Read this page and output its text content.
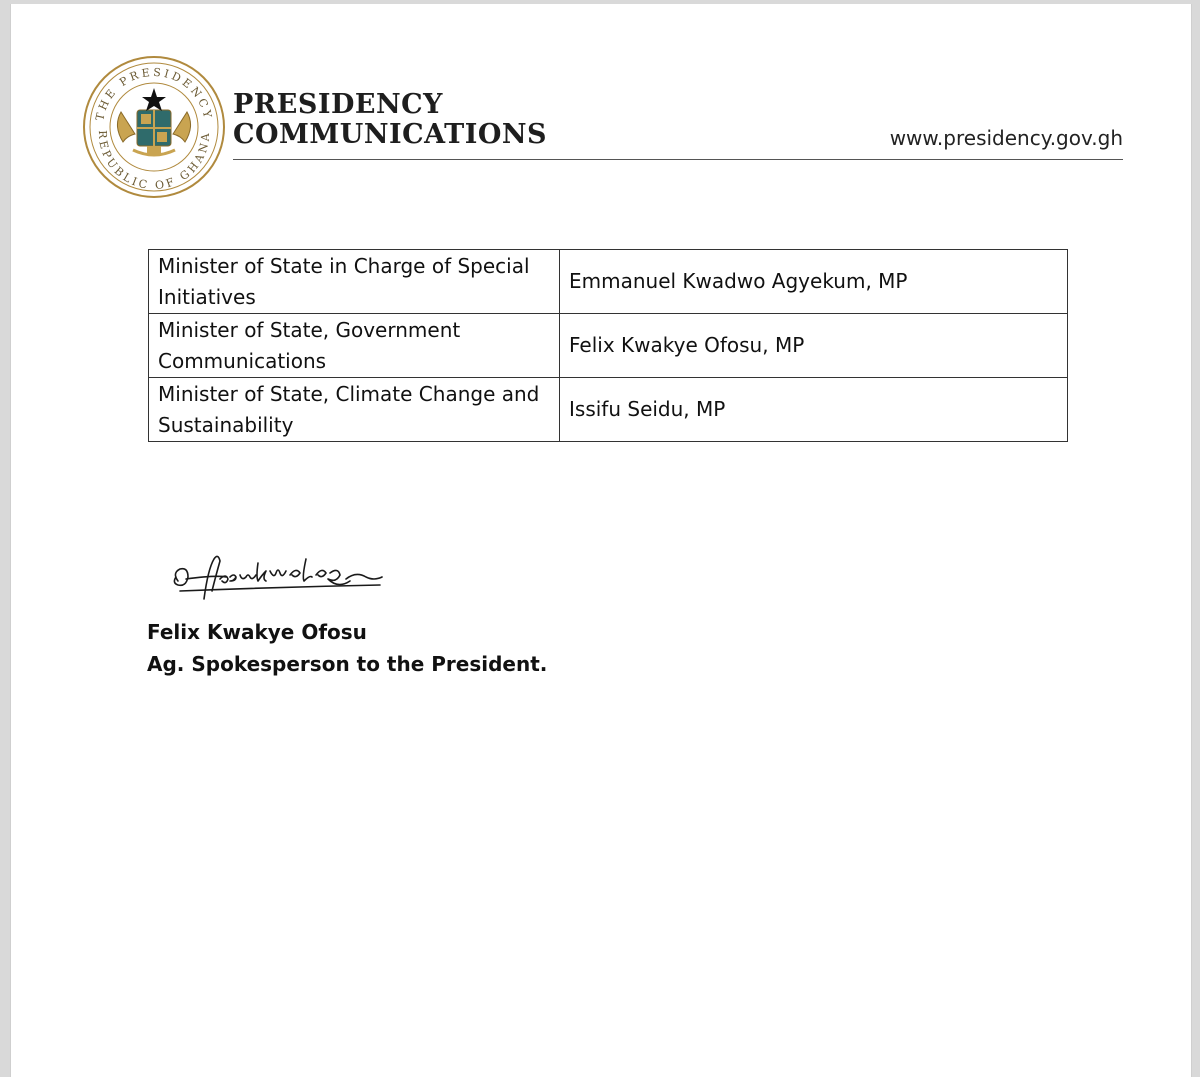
THE PRESIDENCY
REPUBLIC OF GHANA
PRESIDENCY
COMMUNICATIONS	www.presidency.gov.gh
Minister of State in Charge of Special Initiatives	Emmanuel Kwadwo Agyekum, MP
Minister of State, Government Communications	Felix Kwakye Ofosu, MP
Minister of State, Climate Change and Sustainability	Issifu Seidu, MP
Felix Kwakye Ofosu
Ag. Spokesperson to the President.
